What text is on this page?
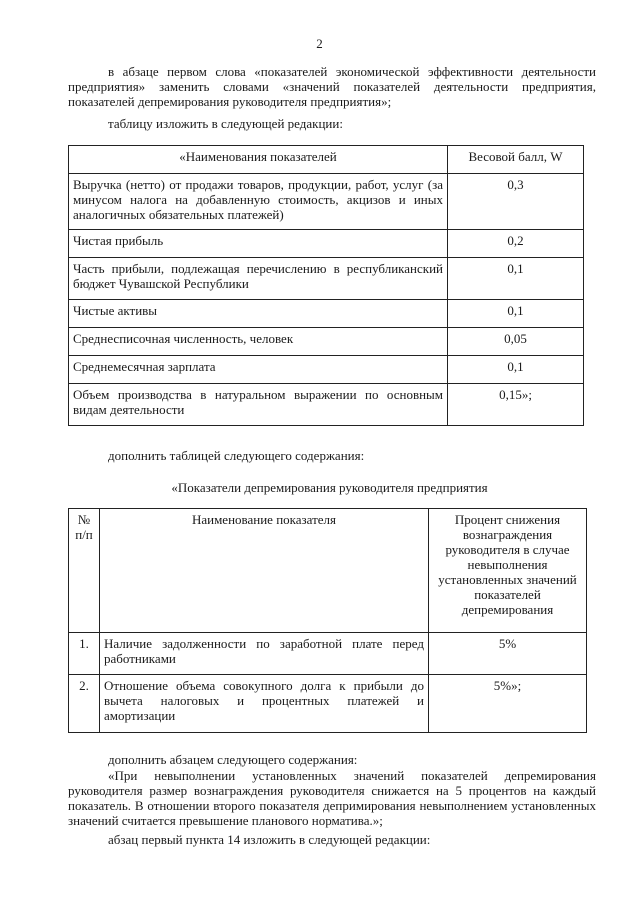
2
в абзаце первом слова «показателей экономической эффективности деятельности предприятия» заменить словами «значений показателей деятельности предприятия, показателей депремирования руководителя предприятия»;
таблицу изложить в следующей редакции:
«Наименования показателей	Весовой балл, W
Выручка (нетто) от продажи товаров, продукции, работ, услуг (за минусом налога на добавленную стоимость, акцизов и иных аналогичных обязательных платежей)	0,3
Чистая прибыль	0,2
Часть прибыли, подлежащая перечислению в республиканский бюджет Чувашской Республики	0,1
Чистые активы	0,1
Среднесписочная численность, человек	0,05
Среднемесячная зарплата	0,1
Объем производства в натуральном выражении по основным видам деятельности	0,15»;
дополнить таблицей следующего содержания:
«Показатели депремирования руководителя предприятия
№ п/п	Наименование показателя	Процент снижения вознаграждения руководителя в случае невыполнения установленных значений показателей депремирования
1.	Наличие задолженности по заработной плате перед работниками	5%
2.	Отношение объема совокупного долга к прибыли до вычета налоговых и процентных платежей и амортизации	5%»;
дополнить абзацем следующего содержания:
«При невыполнении установленных значений показателей депремирования руководителя размер вознаграждения руководителя снижается на 5 процентов на каждый показатель. В отношении второго показателя депримирования невыполнением установленных значений считается превышение планового норматива.»;
абзац первый пункта 14 изложить в следующей редакции:
